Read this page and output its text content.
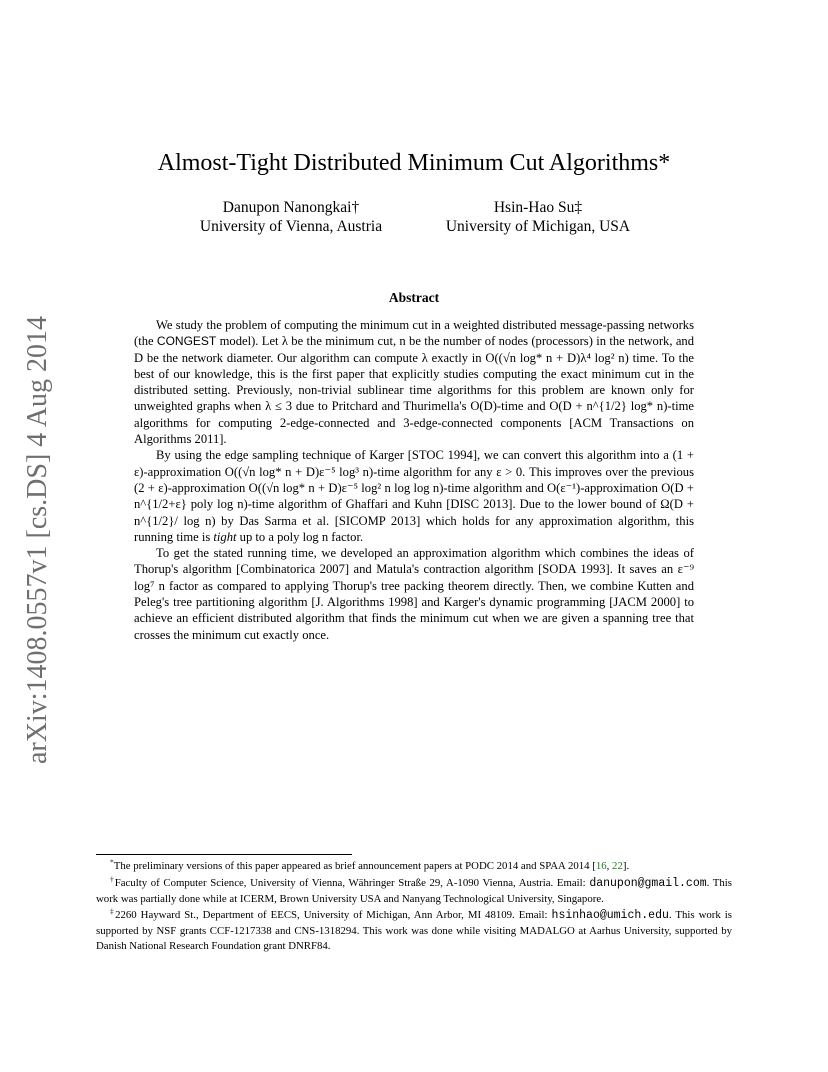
arXiv:1408.0557v1 [cs.DS] 4 Aug 2014
Almost-Tight Distributed Minimum Cut Algorithms*
Danupon Nanongkai†
University of Vienna, Austria
Hsin-Hao Su‡
University of Michigan, USA
Abstract

We study the problem of computing the minimum cut in a weighted distributed message-passing networks (the CONGEST model). Let λ be the minimum cut, n be the number of nodes (processors) in the network, and D be the network diameter. Our algorithm can compute λ exactly in O((√n log* n + D)λ⁴ log² n) time. To the best of our knowledge, this is the first paper that explicitly studies computing the exact minimum cut in the distributed setting. Previously, non-trivial sublinear time algorithms for this problem are known only for unweighted graphs when λ ≤ 3 due to Pritchard and Thurimella's O(D)-time and O(D + n^{1/2} log* n)-time algorithms for computing 2-edge-connected and 3-edge-connected components [ACM Transactions on Algorithms 2011].

By using the edge sampling technique of Karger [STOC 1994], we can convert this algorithm into a (1 + ε)-approximation O((√n log* n + D)ε⁻⁵ log³ n)-time algorithm for any ε > 0. This improves over the previous (2 + ε)-approximation O((√n log* n + D)ε⁻⁵ log² n log log n)-time algorithm and O(ε⁻¹)-approximation O(D + n^{1/2+ε} poly log n)-time algorithm of Ghaffari and Kuhn [DISC 2013]. Due to the lower bound of Ω(D + n^{1/2}/ log n) by Das Sarma et al. [SICOMP 2013] which holds for any approximation algorithm, this running time is tight up to a poly log n factor.

To get the stated running time, we developed an approximation algorithm which combines the ideas of Thorup's algorithm [Combinatorica 2007] and Matula's contraction algorithm [SODA 1993]. It saves an ε⁻⁹ log⁷ n factor as compared to applying Thorup's tree packing theorem directly. Then, we combine Kutten and Peleg's tree partitioning algorithm [J. Algorithms 1998] and Karger's dynamic programming [JACM 2000] to achieve an efficient distributed algorithm that finds the minimum cut when we are given a spanning tree that crosses the minimum cut exactly once.

*The preliminary versions of this paper appeared as brief announcement papers at PODC 2014 and SPAA 2014 [16, 22].

†Faculty of Computer Science, University of Vienna, Währinger Straße 29, A-1090 Vienna, Austria. Email: danupon@gmail.com. This work was partially done while at ICERM, Brown University USA and Nanyang Technological University, Singapore.

‡2260 Hayward St., Department of EECS, University of Michigan, Ann Arbor, MI 48109. Email: hsinhao@umich.edu. This work is supported by NSF grants CCF-1217338 and CNS-1318294. This work was done while visiting MADALGO at Aarhus University, supported by Danish National Research Foundation grant DNRF84.
